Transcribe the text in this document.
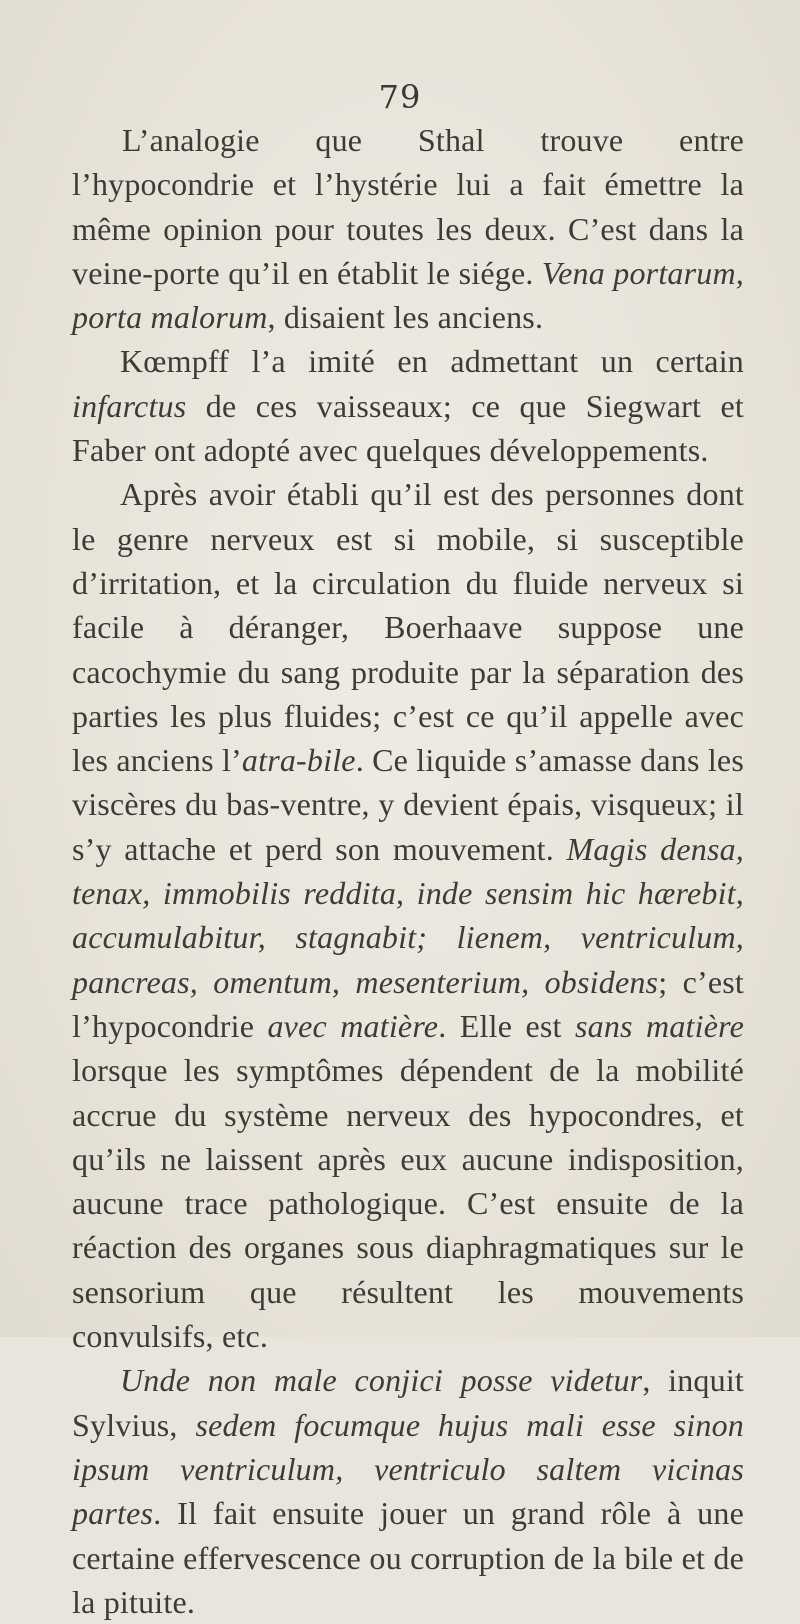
79

L’analogie que Sthal trouve entre l’hypocondrie et l’hystérie lui a fait émettre la même opinion pour toutes les deux. C’est dans la veine-porte qu’il en établit le siége. Vena portarum, porta malorum, disaient les anciens.

Kœmpff l’a imité en admettant un certain infarctus de ces vaisseaux; ce que Siegwart et Faber ont adopté avec quelques développements.

Après avoir établi qu’il est des personnes dont le genre nerveux est si mobile, si susceptible d’irritation, et la circulation du fluide nerveux si facile à déranger, Boerhaave suppose une cacochymie du sang produite par la séparation des parties les plus fluides; c’est ce qu’il appelle avec les anciens l’atra-bile. Ce liquide s’amasse dans les viscères du bas-ventre, y devient épais, visqueux; il s’y attache et perd son mouvement. Magis densa, tenax, immobilis reddita, inde sensim hic hærebit, accumulabitur, stagnabit; lienem, ventriculum, pancreas, omentum, mesenterium, obsidens; c’est l’hypocondrie avec matière. Elle est sans matière lorsque les symptômes dépendent de la mobilité accrue du système nerveux des hypocondres, et qu’ils ne laissent après eux aucune indisposition, aucune trace pathologique. C’est ensuite de la réaction des organes sous diaphragmatiques sur le sensorium que résultent les mouvements convulsifs, etc.

Unde non male conjici posse videtur, inquit Sylvius, sedem focumque hujus mali esse sinon ipsum ventriculum, ventriculo saltem vicinas partes. Il fait ensuite jouer un grand rôle à une certaine effervescence ou corruption de la bile et de la pituite.
